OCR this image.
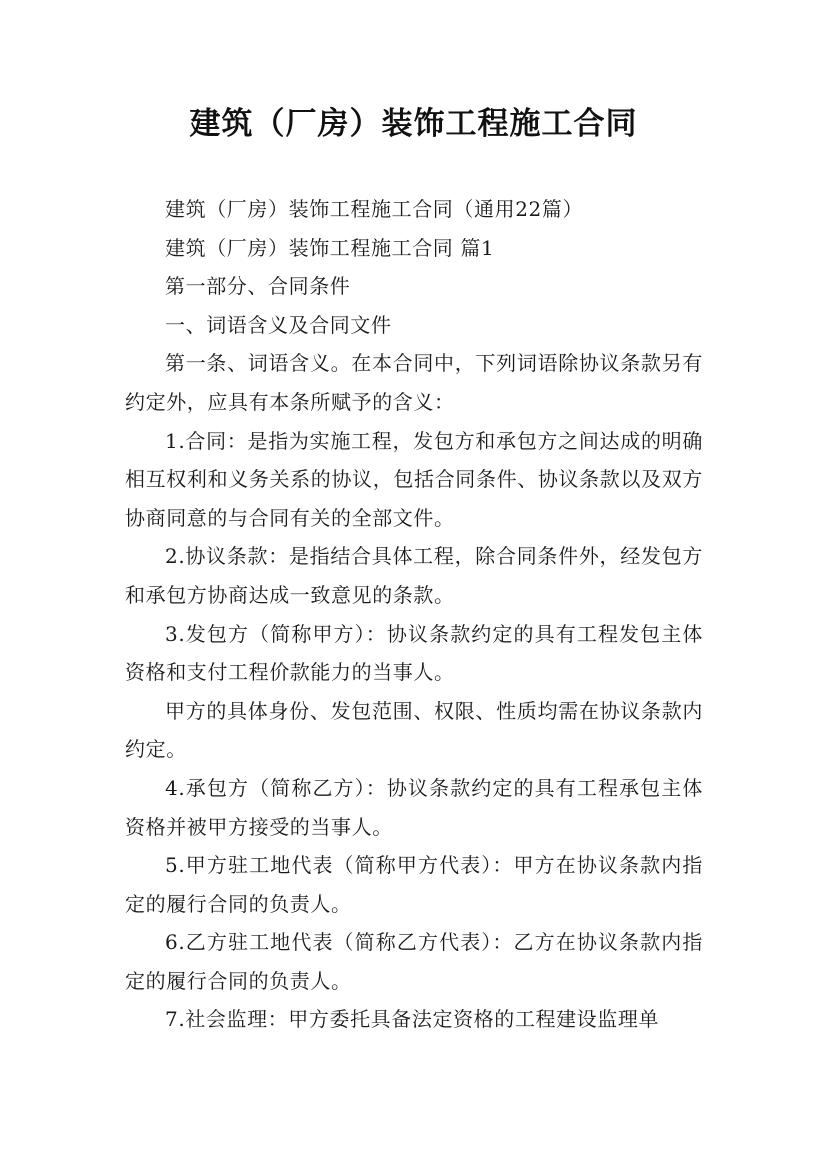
建筑（厂房）装饰工程施工合同

建筑（厂房）装饰工程施工合同（通用22篇）

建筑（厂房）装饰工程施工合同 篇1

第一部分、合同条件

一、词语含义及合同文件

第一条、词语含义。在本合同中，下列词语除协议条款另有约定外，应具有本条所赋予的含义：

1.合同：是指为实施工程，发包方和承包方之间达成的明确相互权利和义务关系的协议，包括合同条件、协议条款以及双方协商同意的与合同有关的全部文件。

2.协议条款：是指结合具体工程，除合同条件外，经发包方和承包方协商达成一致意见的条款。

3.发包方（简称甲方）：协议条款约定的具有工程发包主体资格和支付工程价款能力的当事人。

甲方的具体身份、发包范围、权限、性质均需在协议条款内约定。

4.承包方（简称乙方）：协议条款约定的具有工程承包主体资格并被甲方接受的当事人。

5.甲方驻工地代表（简称甲方代表）：甲方在协议条款内指定的履行合同的负责人。

6.乙方驻工地代表（简称乙方代表）：乙方在协议条款内指定的履行合同的负责人。

7.社会监理：甲方委托具备法定资格的工程建设监理单
